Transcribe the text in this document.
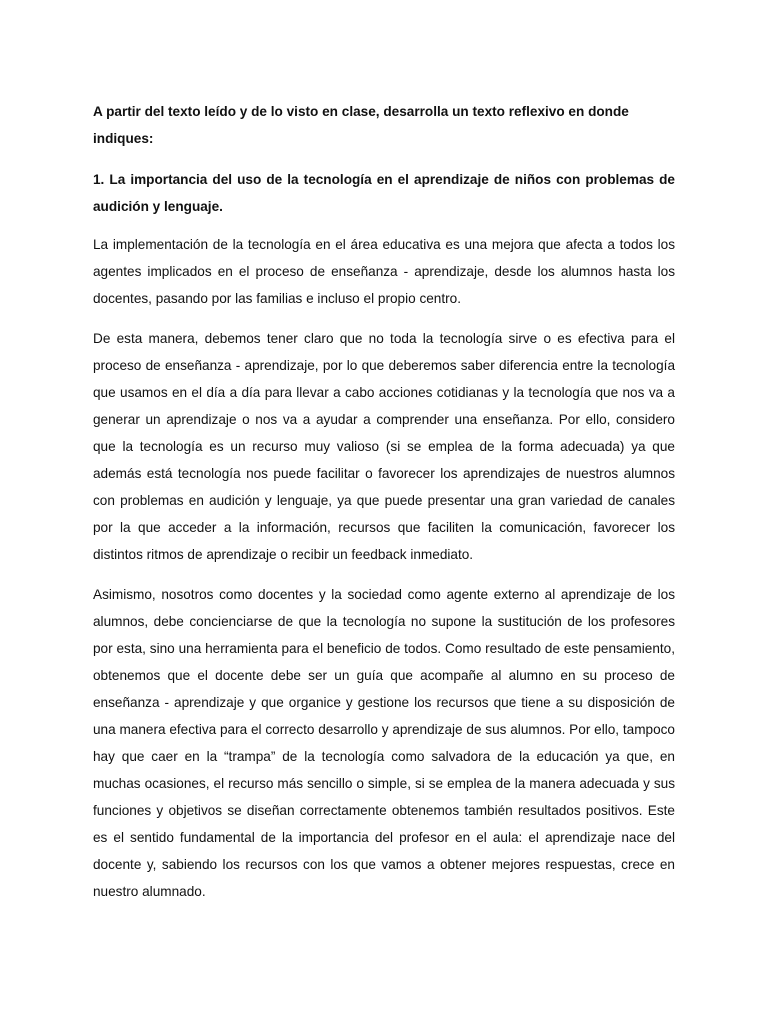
A partir del texto leído y de lo visto en clase, desarrolla un texto reflexivo en donde indiques:

1. La importancia del uso de la tecnología en el aprendizaje de niños con problemas de audición y lenguaje.

La implementación de la tecnología en el área educativa es una mejora que afecta a todos los agentes implicados en el proceso de enseñanza - aprendizaje, desde los alumnos hasta los docentes, pasando por las familias e incluso el propio centro.

De esta manera, debemos tener claro que no toda la tecnología sirve o es efectiva para el proceso de enseñanza - aprendizaje, por lo que deberemos saber diferencia entre la tecnología que usamos en el día a día para llevar a cabo acciones cotidianas y la tecnología que nos va a generar un aprendizaje o nos va a ayudar a comprender una enseñanza. Por ello, considero que la tecnología es un recurso muy valioso (si se emplea de la forma adecuada) ya que además está tecnología nos puede facilitar o favorecer los aprendizajes de nuestros alumnos con problemas en audición y lenguaje, ya que puede presentar una gran variedad de canales por la que acceder a la información, recursos que faciliten la comunicación, favorecer los distintos ritmos de aprendizaje o recibir un feedback inmediato.

Asimismo, nosotros como docentes y la sociedad como agente externo al aprendizaje de los alumnos, debe concienciarse de que la tecnología no supone la sustitución de los profesores por esta, sino una herramienta para el beneficio de todos. Como resultado de este pensamiento, obtenemos que el docente debe ser un guía que acompañe al alumno en su proceso de enseñanza - aprendizaje y que organice y gestione los recursos que tiene a su disposición de una manera efectiva para el correcto desarrollo y aprendizaje de sus alumnos. Por ello, tampoco hay que caer en la “trampa” de la tecnología como salvadora de la educación ya que, en muchas ocasiones, el recurso más sencillo o simple, si se emplea de la manera adecuada y sus funciones y objetivos se diseñan correctamente obtenemos también resultados positivos. Este es el sentido fundamental de la importancia del profesor en el aula: el aprendizaje nace del docente y, sabiendo los recursos con los que vamos a obtener mejores respuestas, crece en nuestro alumnado.
